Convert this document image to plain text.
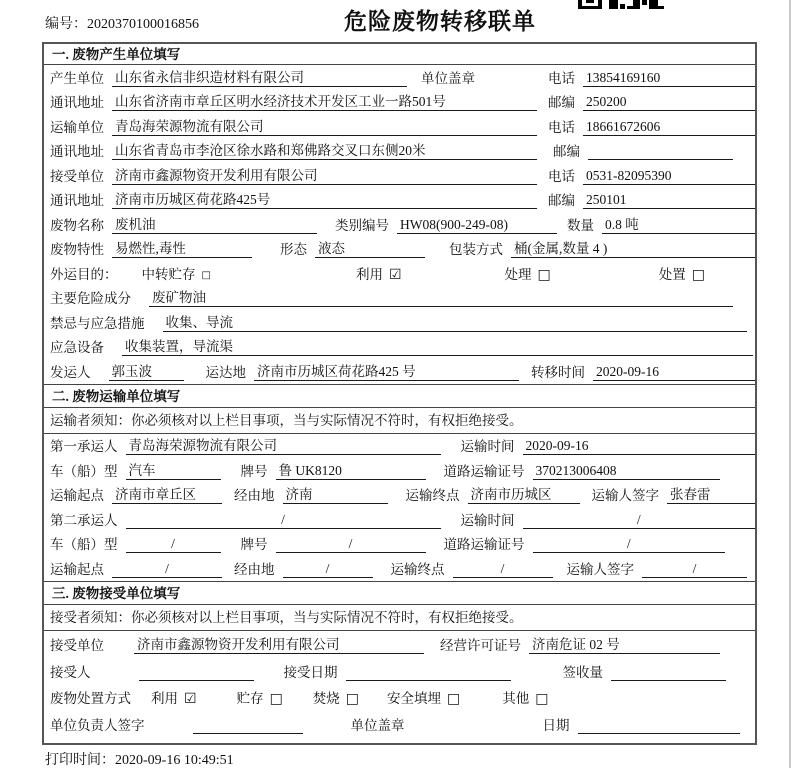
编号：2020370100016856	危险废物转移联单
一. 废物产生单位填写
产生单位 山东省永信非织造材料有限公司	单位盖章	电话 13854169160
通讯地址 山东省济南市章丘区明水经济技术开发区工业一路501号	邮编 250200
运输单位 青岛海荣源物流有限公司	电话 18661672606
通讯地址 山东省青岛市李沧区徐水路和郑佛路交叉口东侧20米	邮编
接受单位 济南市鑫源物资开发利用有限公司	电话 0531-82095390
通讯地址 济南市历城区荷花路425号	邮编 250101
废物名称 废机油	类别编号 HW08(900-249-08)	数量 0.8 吨
废物特性 易燃性,毒性	形态 液态	包装方式 桶(金属,数量 4 )
外运目的：	中转贮存 □	利用 ☑	处理 □	处置 □
主要危险成分	废矿物油
禁忌与应急措施	收集、导流
应急设备	收集装置，导流渠
发运人	郭玉波	运达地 济南市历城区荷花路425 号	转移时间 2020-09-16
二. 废物运输单位填写
运输者须知：你必须核对以上栏目事项，当与实际情况不符时，有权拒绝接受。
第一承运人 青岛海荣源物流有限公司	运输时间 2020-09-16
车（船）型 汽车	牌号 鲁 UK8120	道路运输证号 370213006408
运输起点 济南市章丘区	经由地 济南	运输终点 济南市历城区	运输人签字 张春雷
第二承运人	/	运输时间	/
车（船）型	/	牌号	/	道路运输证号	/
运输起点	/	经由地	/	运输终点	/	运输人签字	/
三. 废物接受单位填写
接受者须知：你必须核对以上栏目事项，当与实际情况不符时，有权拒绝接受。
接受单位	济南市鑫源物资开发利用有限公司	经营许可证号 济南危证 02 号
接受人	接受日期	签收量
废物处置方式	利用 ☑	贮存 □ 焚烧 □ 安全填埋 □	其他 □
单位负责人签字	单位盖章	日期
打印时间：2020-09-16 10:49:51
